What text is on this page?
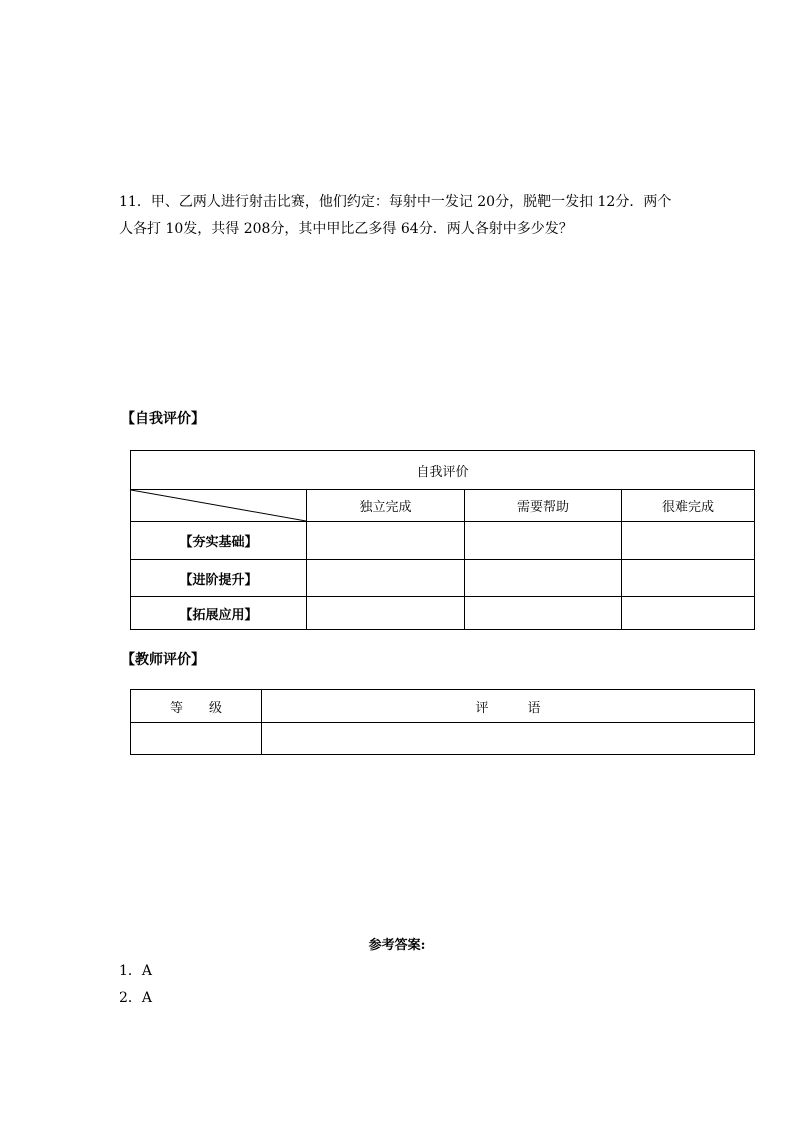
11．甲、乙两人进行射击比赛，他们约定：每射中一发记 20分，脱靶一发扣 12分．两个
人各打 10发，共得 208分，其中甲比乙多得 64分．两人各射中多少发？
【自我评价】
自我评价			

	独立完成	需要帮助	很难完成
【夯实基础】			
【进阶提升】			
【拓展应用】			
【教师评价】
等　　级	评　　　语

参考答案:
1．A
2．A
